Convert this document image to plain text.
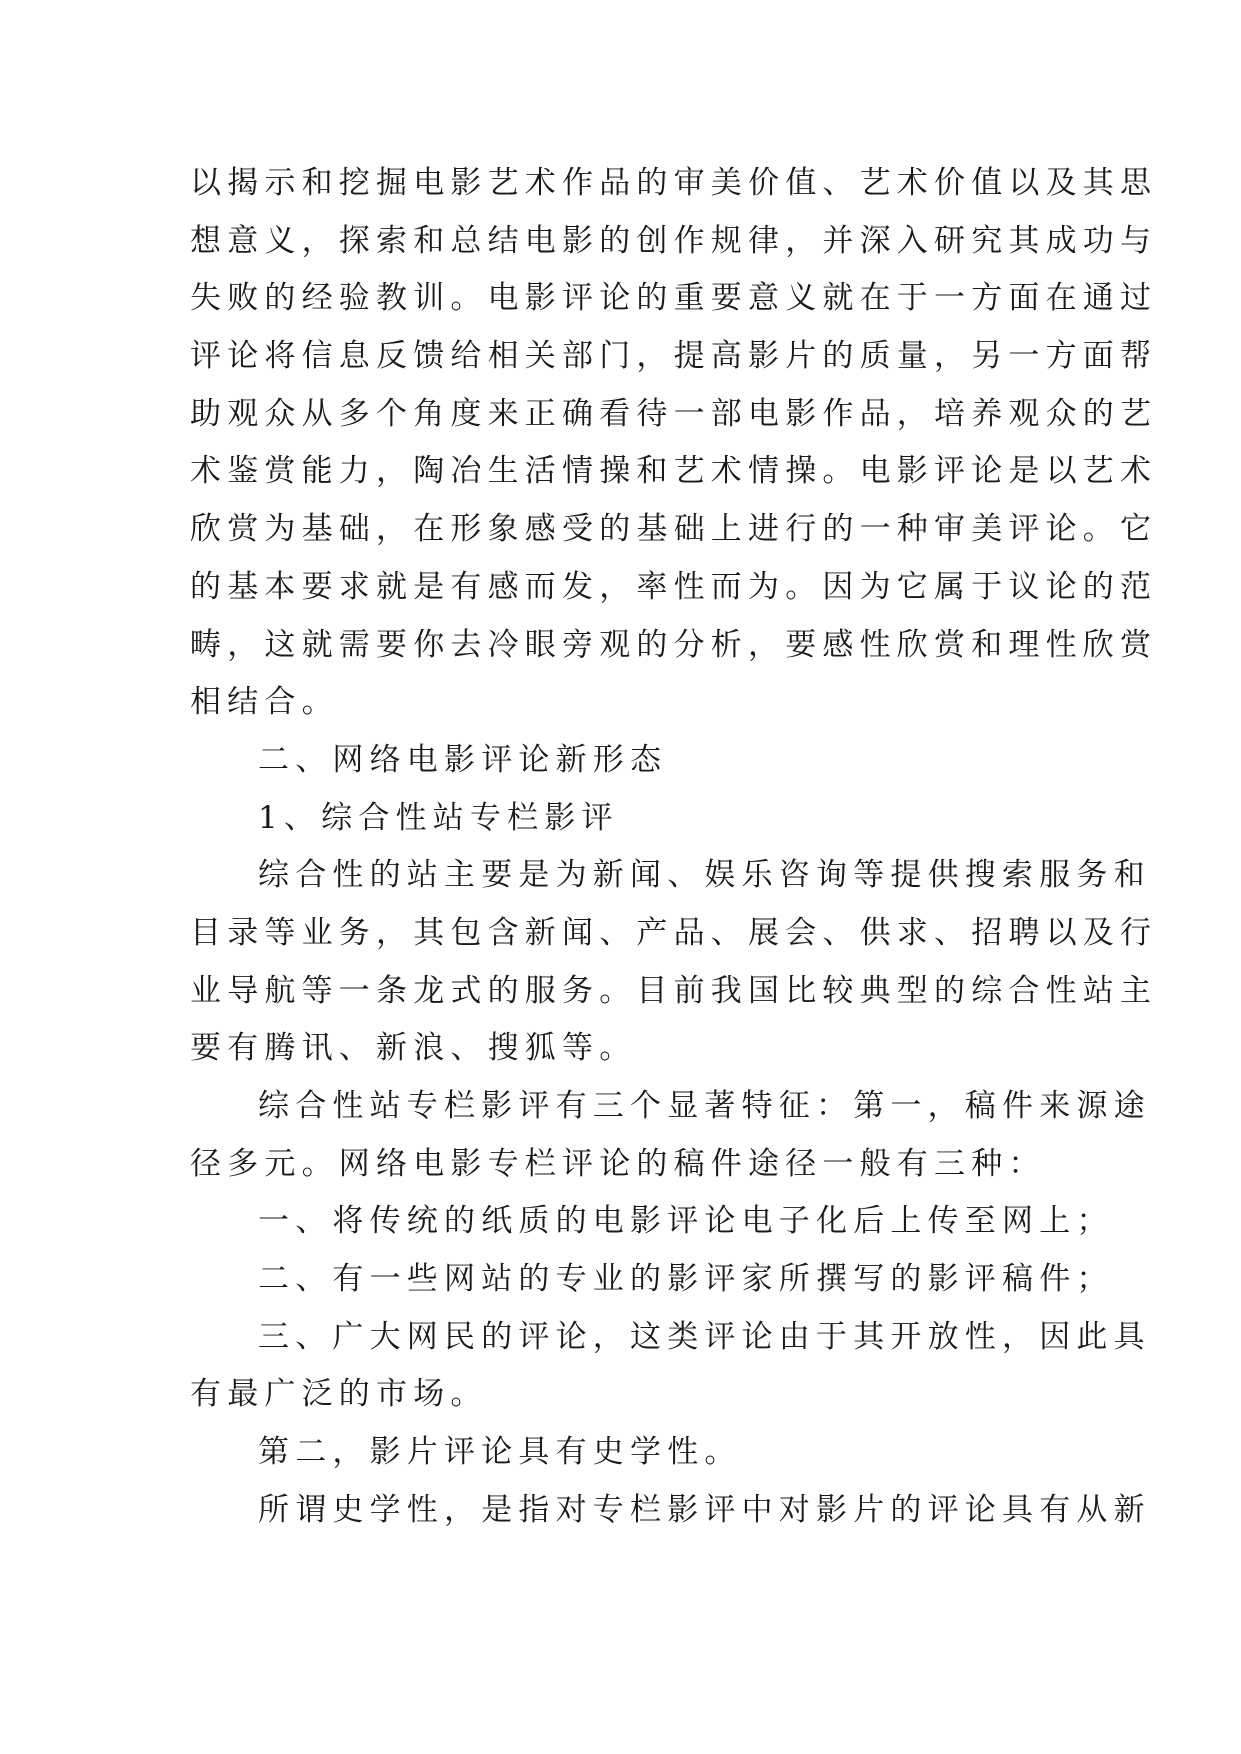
以揭示和挖掘电影艺术作品的审美价值、艺术价值以及其思
想意义，探索和总结电影的创作规律，并深入研究其成功与
失败的经验教训。电影评论的重要意义就在于一方面在通过
评论将信息反馈给相关部门，提高影片的质量，另一方面帮
助观众从多个角度来正确看待一部电影作品，培养观众的艺
术鉴赏能力，陶冶生活情操和艺术情操。电影评论是以艺术
欣赏为基础，在形象感受的基础上进行的一种审美评论。它
的基本要求就是有感而发，率性而为。因为它属于议论的范
畴，这就需要你去冷眼旁观的分析，要感性欣赏和理性欣赏
相结合。
二、网络电影评论新形态
1、综合性站专栏影评
综合性的站主要是为新闻、娱乐咨询等提供搜索服务和
目录等业务，其包含新闻、产品、展会、供求、招聘以及行
业导航等一条龙式的服务。目前我国比较典型的综合性站主
要有腾讯、新浪、搜狐等。
综合性站专栏影评有三个显著特征：第一，稿件来源途
径多元。网络电影专栏评论的稿件途径一般有三种：
一、将传统的纸质的电影评论电子化后上传至网上；
二、有一些网站的专业的影评家所撰写的影评稿件；
三、广大网民的评论，这类评论由于其开放性，因此具
有最广泛的市场。
第二，影片评论具有史学性。
所谓史学性，是指对专栏影评中对影片的评论具有从新
